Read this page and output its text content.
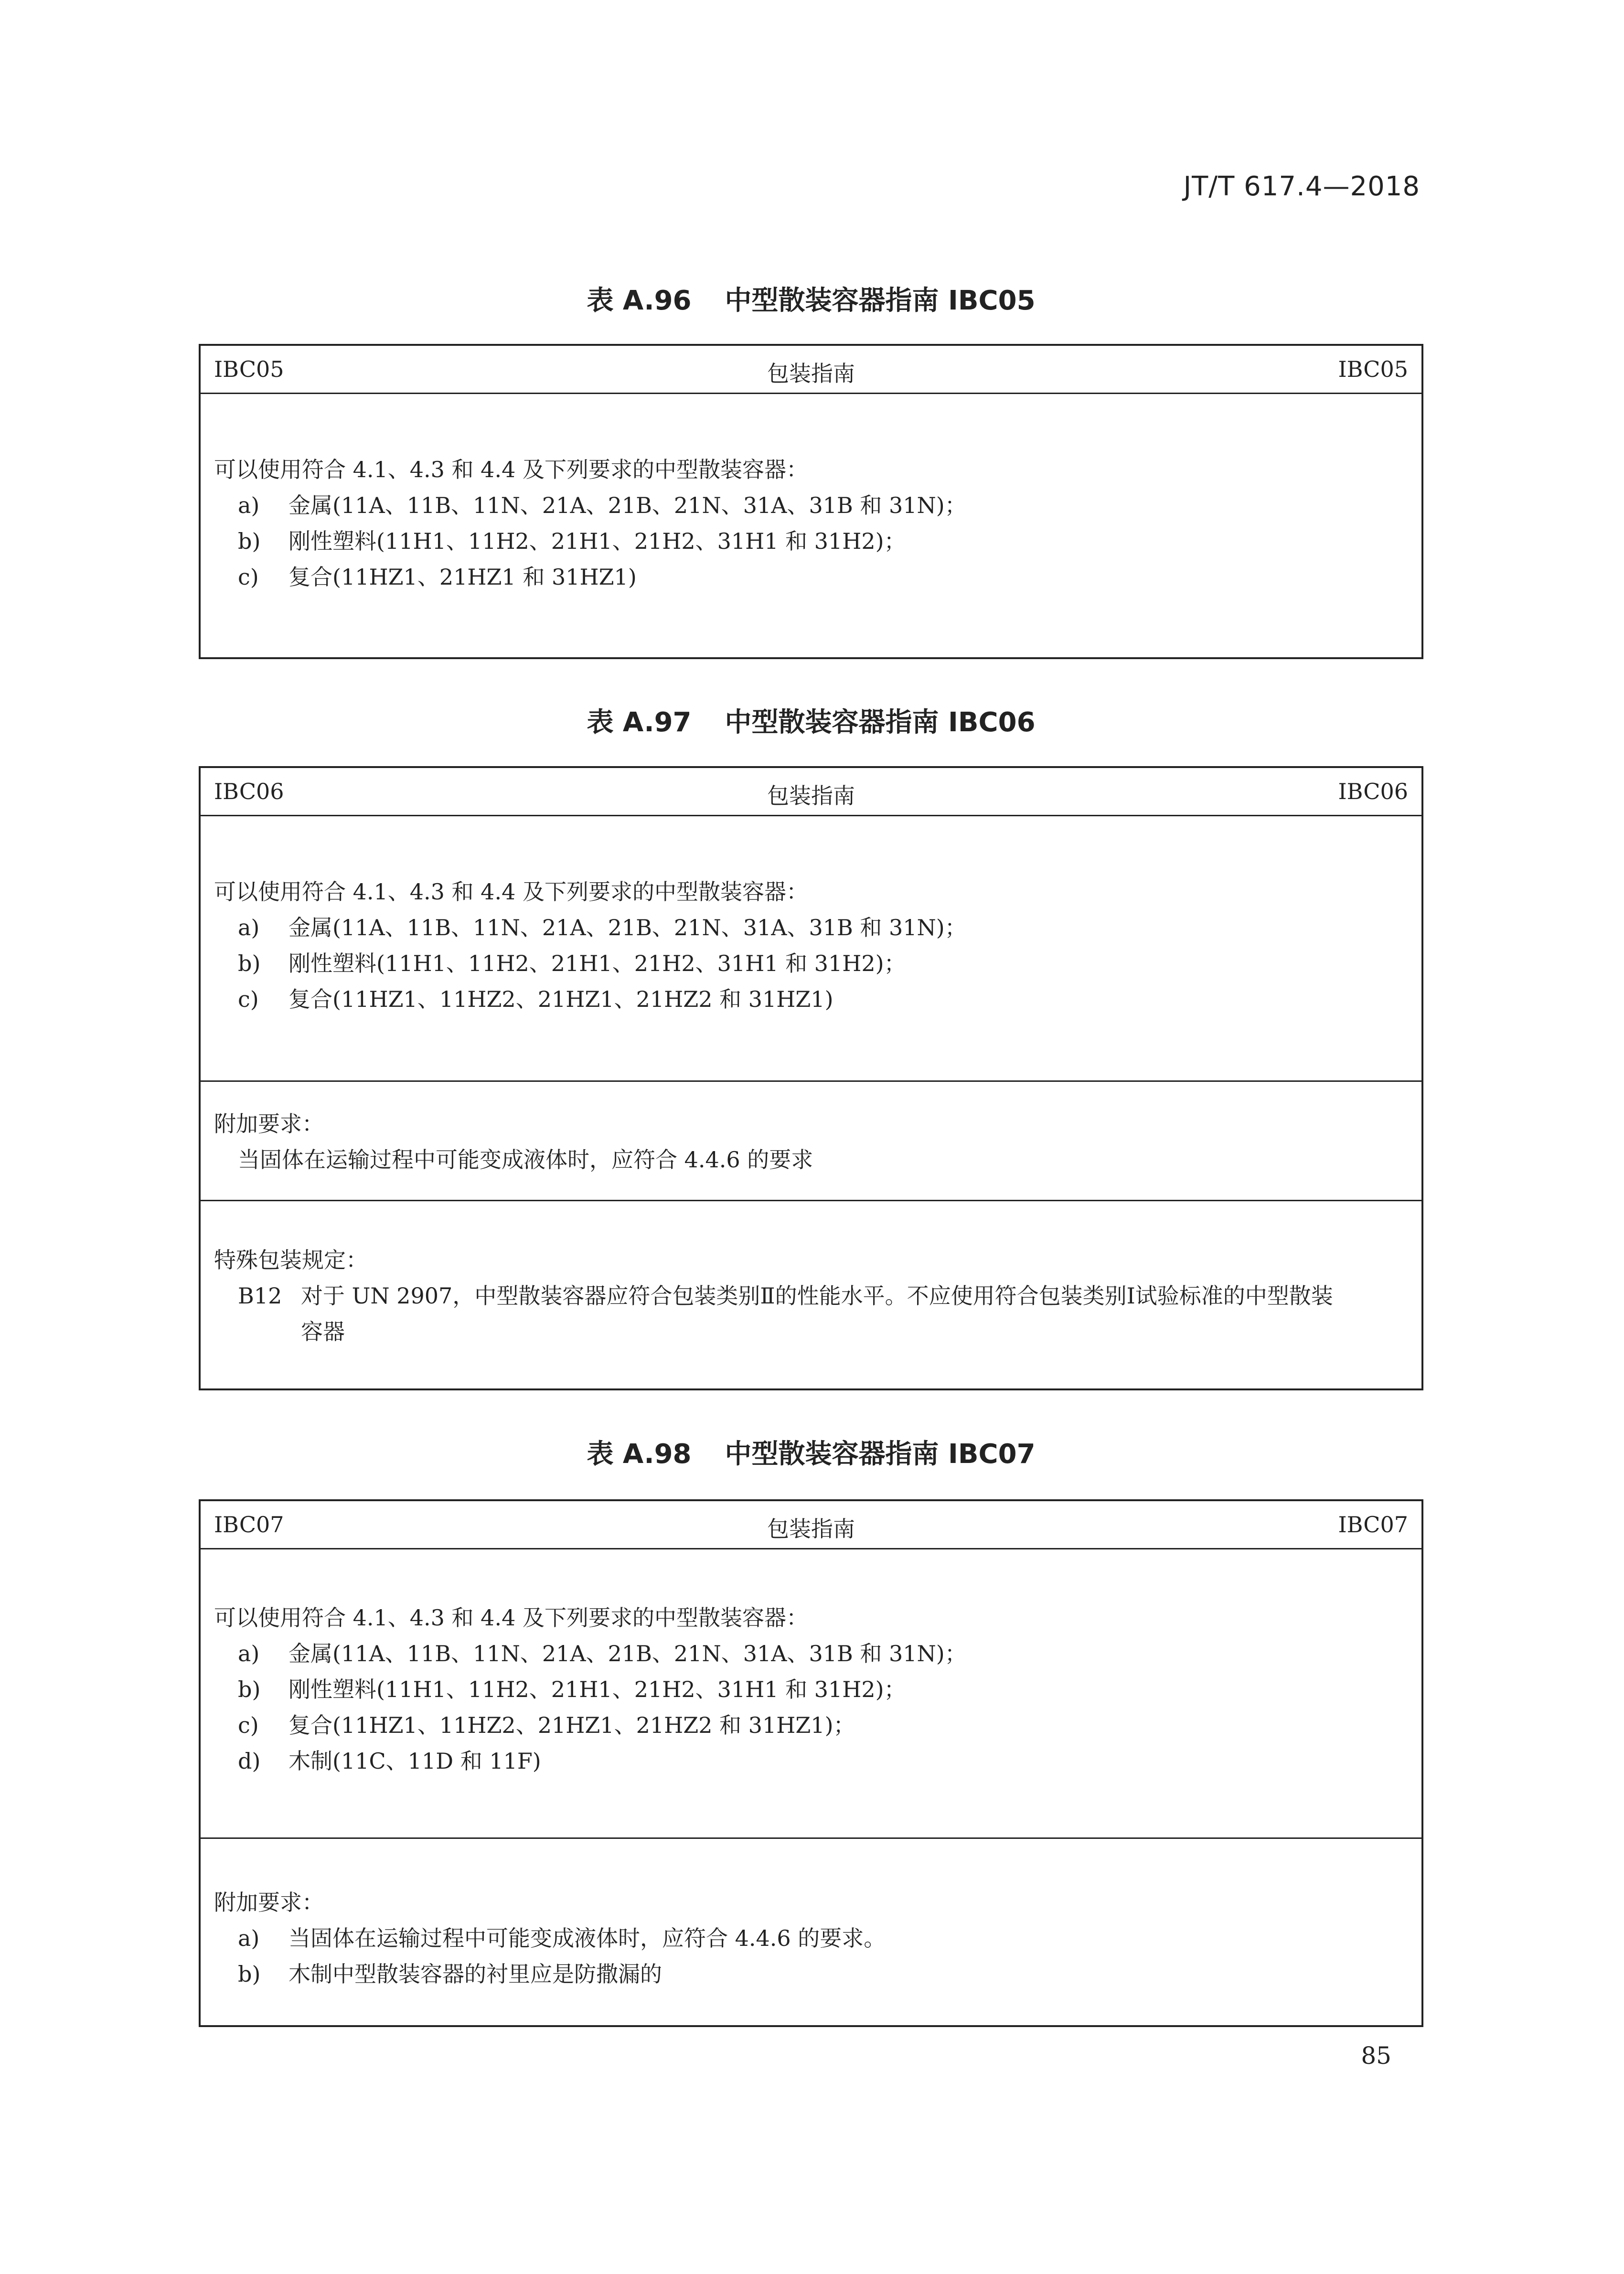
JT/T 617.4—2018
表 A.96 中型散装容器指南 IBC05
IBC05	包装指南	IBC05
可以使用符合 4.1、4.3 和 4.4 及下列要求的中型散装容器：
a) 金属(11A、11B、11N、21A、21B、21N、31A、31B 和 31N)；
b) 刚性塑料(11H1、11H2、21H1、21H2、31H1 和 31H2)；
c) 复合(11HZ1、21HZ1 和 31HZ1)
表 A.97 中型散装容器指南 IBC06
IBC06	包装指南	IBC06
可以使用符合 4.1、4.3 和 4.4 及下列要求的中型散装容器：
a) 金属(11A、11B、11N、21A、21B、21N、31A、31B 和 31N)；
b) 刚性塑料(11H1、11H2、21H1、21H2、31H1 和 31H2)；
c) 复合(11HZ1、11HZ2、21HZ1、21HZ2 和 31HZ1)
附加要求：
当固体在运输过程中可能变成液体时，应符合 4.4.6 的要求
特殊包装规定：
B12 对于 UN 2907，中型散装容器应符合包装类别Ⅱ的性能水平。不应使用符合包装类别Ⅰ试验标准的中型散装
容器
表 A.98 中型散装容器指南 IBC07
IBC07	包装指南	IBC07
可以使用符合 4.1、4.3 和 4.4 及下列要求的中型散装容器：
a) 金属(11A、11B、11N、21A、21B、21N、31A、31B 和 31N)；
b) 刚性塑料(11H1、11H2、21H1、21H2、31H1 和 31H2)；
c) 复合(11HZ1、11HZ2、21HZ1、21HZ2 和 31HZ1)；
d) 木制(11C、11D 和 11F)
附加要求：
a) 当固体在运输过程中可能变成液体时，应符合 4.4.6 的要求。
b) 木制中型散装容器的衬里应是防撒漏的
85
